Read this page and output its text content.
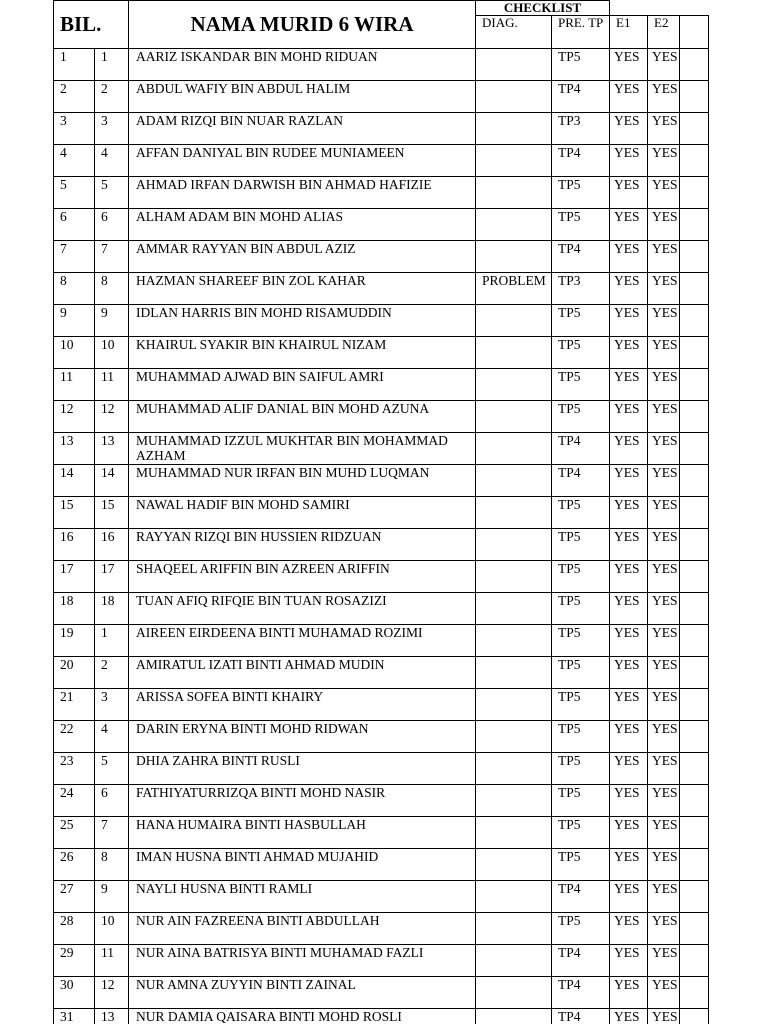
BIL.		NAMA MURID 6 WIRA	CHECKLIST				
			DIAG.	PRE. TP	E1	E2	
1	1	AARIZ ISKANDAR BIN MOHD RIDUAN		TP5	YES	YES	
2	2	ABDUL WAFIY BIN ABDUL HALIM		TP4	YES	YES	
3	3	ADAM RIZQI BIN NUAR RAZLAN		TP3	YES	YES	
4	4	AFFAN DANIYAL BIN RUDEE MUNIAMEEN		TP4	YES	YES	
5	5	AHMAD IRFAN DARWISH BIN AHMAD HAFIZIE		TP5	YES	YES	
6	6	ALHAM ADAM BIN MOHD ALIAS		TP5	YES	YES	
7	7	AMMAR RAYYAN BIN ABDUL AZIZ		TP4	YES	YES	
8	8	HAZMAN SHAREEF BIN ZOL KAHAR	PROBLEM	TP3	YES	YES	
9	9	IDLAN HARRIS BIN MOHD RISAMUDDIN		TP5	YES	YES	
10	10	KHAIRUL SYAKIR BIN KHAIRUL NIZAM		TP5	YES	YES	
11	11	MUHAMMAD AJWAD BIN SAIFUL AMRI		TP5	YES	YES	
12	12	MUHAMMAD ALIF DANIAL BIN MOHD AZUNA		TP5	YES	YES	
13	13	MUHAMMAD IZZUL MUKHTAR BIN MOHAMMAD AZHAM		TP4	YES	YES	
14	14	MUHAMMAD NUR IRFAN BIN MUHD LUQMAN		TP4	YES	YES	
15	15	NAWAL HADIF BIN MOHD SAMIRI		TP5	YES	YES	
16	16	RAYYAN RIZQI BIN HUSSIEN RIDZUAN		TP5	YES	YES	
17	17	SHAQEEL ARIFFIN BIN AZREEN ARIFFIN		TP5	YES	YES	
18	18	TUAN AFIQ RIFQIE BIN TUAN ROSAZIZI		TP5	YES	YES	
19	1	AIREEN EIRDEENA BINTI MUHAMAD ROZIMI		TP5	YES	YES	
20	2	AMIRATUL IZATI BINTI AHMAD MUDIN		TP5	YES	YES	
21	3	ARISSA SOFEA BINTI KHAIRY		TP5	YES	YES	
22	4	DARIN ERYNA BINTI MOHD RIDWAN		TP5	YES	YES	
23	5	DHIA ZAHRA BINTI RUSLI		TP5	YES	YES	
24	6	FATHIYATURRIZQA BINTI MOHD NASIR		TP5	YES	YES	
25	7	HANA HUMAIRA BINTI HASBULLAH		TP5	YES	YES	
26	8	IMAN HUSNA BINTI AHMAD MUJAHID		TP5	YES	YES	
27	9	NAYLI HUSNA BINTI RAMLI		TP4	YES	YES	
28	10	NUR AIN FAZREENA BINTI ABDULLAH		TP5	YES	YES	
29	11	NUR AINA BATRISYA BINTI MUHAMAD FAZLI		TP4	YES	YES	
30	12	NUR AMNA ZUYYIN BINTI ZAINAL		TP4	YES	YES	
31	13	NUR DAMIA QAISARA BINTI MOHD ROSLI		TP4	YES	YES	
